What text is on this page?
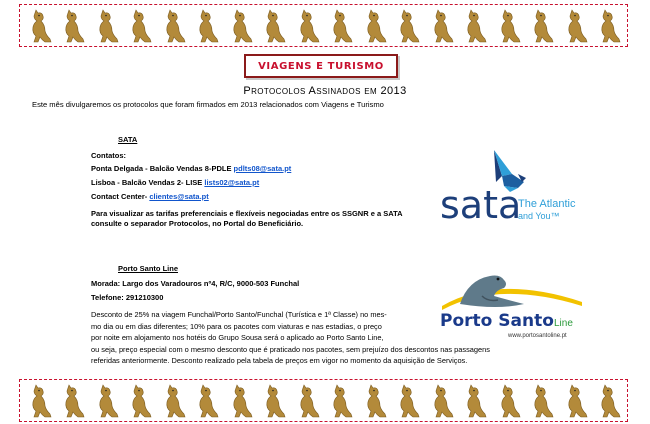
VIAGENS E TURISMO
Protocolos Assinados em 2013
Este mês divulgaremos os protocolos que foram firmados em 2013 relacionados com Viagens e Turismo
SATA
Contatos:
Ponta Delgada - Balcão Vendas 8-PDLE pdlts08@sata.pt
Lisboa - Balcão Vendas 2- LISE lists02@sata.pt
Contact Center- clientes@sata.pt
Para visualizar as tarifas preferenciais e flexíveis negociadas entre os SSGNR e a SATA
consulte o separador Protocolos, no Portal do Beneficiário.	sata
The Atlantic
and You™
Porto Santo Line
Morada: Largo dos Varadouros nº4, R/C, 9000-503 Funchal
Telefone: 291210300
Desconto de 25% na viagem Funchal/Porto Santo/Funchal (Turística e 1ª Classe) no mes-
mo dia ou em dias diferentes; 10% para os pacotes com viaturas e nas estadias, o preço
por noite em alojamento nos hotéis do Grupo Sousa será o aplicado ao Porto Santo Line,
ou seja, preço especial com o mesmo desconto que é praticado nos pacotes, sem prejuízo dos descontos nas passagens
referidas anteriormente. Desconto realizado pela tabela de preços em vigor no momento da aquisição de Serviços.
Porto Santo Line
www.portosantoline.pt
